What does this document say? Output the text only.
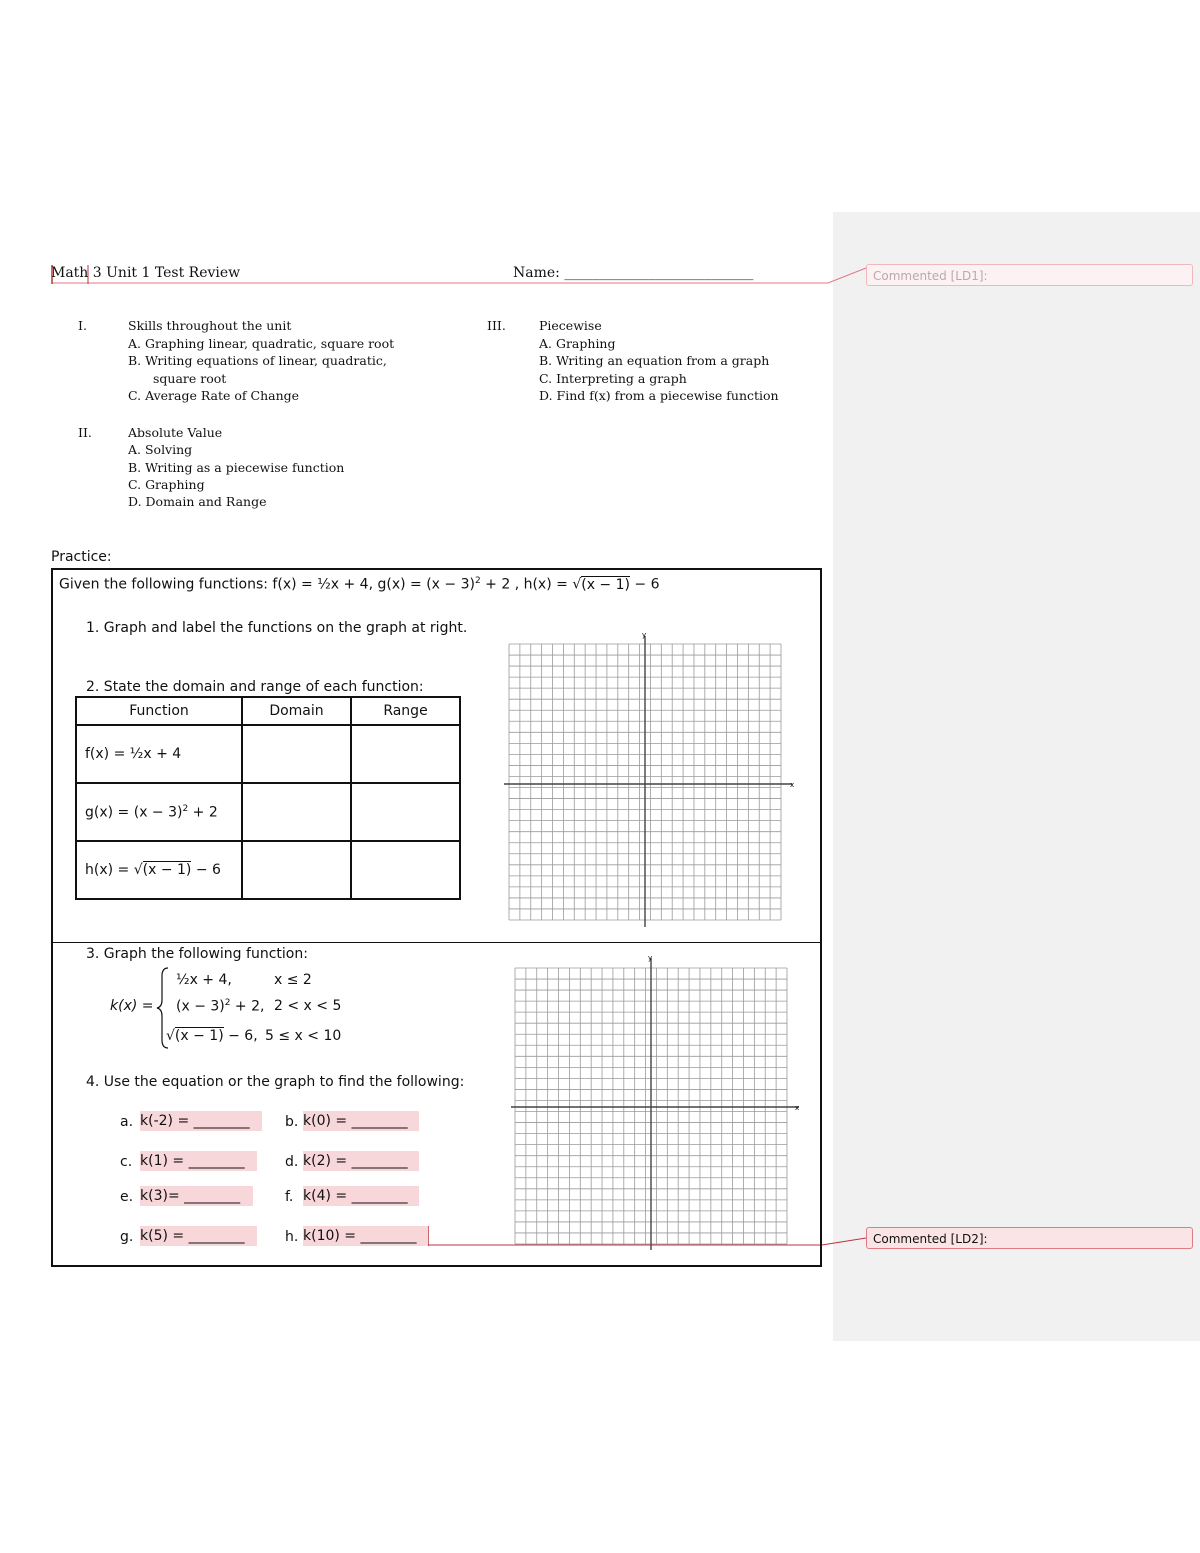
Commented [LD1]:
Commented [LD2]:
Math 3 Unit 1 Test Review	Name: ___________________________
I.	Skills throughout the unit
A. Graphing linear, quadratic, square root
B. Writing equations of linear, quadratic,
square root
C. Average Rate of Change
II.	Absolute Value
A. Solving
B. Writing as a piecewise function
C. Graphing
D. Domain and Range
III.	Piecewise
A. Graphing
B. Writing an equation from a graph
C. Interpreting a graph
D. Find f(x) from a piecewise function
Practice:
Given the following functions: f(x) = ½x + 4, $g(x) = (x - 3)^2 + 2$ , h(x) = √(x − 1) − 6
1. Graph and label the functions on the graph at right.
2. State the domain and range of each function:
Function	Domain	Range
f(x) = ½x + 4		
$g(x) = (x - 3)^2 + 2$		
h(x) = √(x − 1) − 6		
x
y
3. Graph the following function:
k(x) =
½x + 4,	x ≤ 2
$(x - 3)^2 + 2$, 2 < x < 5
√(x − 1) − 6, 5 ≤ x < 10
4. Use the equation or the graph to find the following:
a. k(-2) = ________	b. k(0) = ________
c. k(1) = ________	d. k(2) = ________
e. k(3)= ________	f. k(4) = ________
g. k(5) = ________	h. k(10) = ________
x
y
